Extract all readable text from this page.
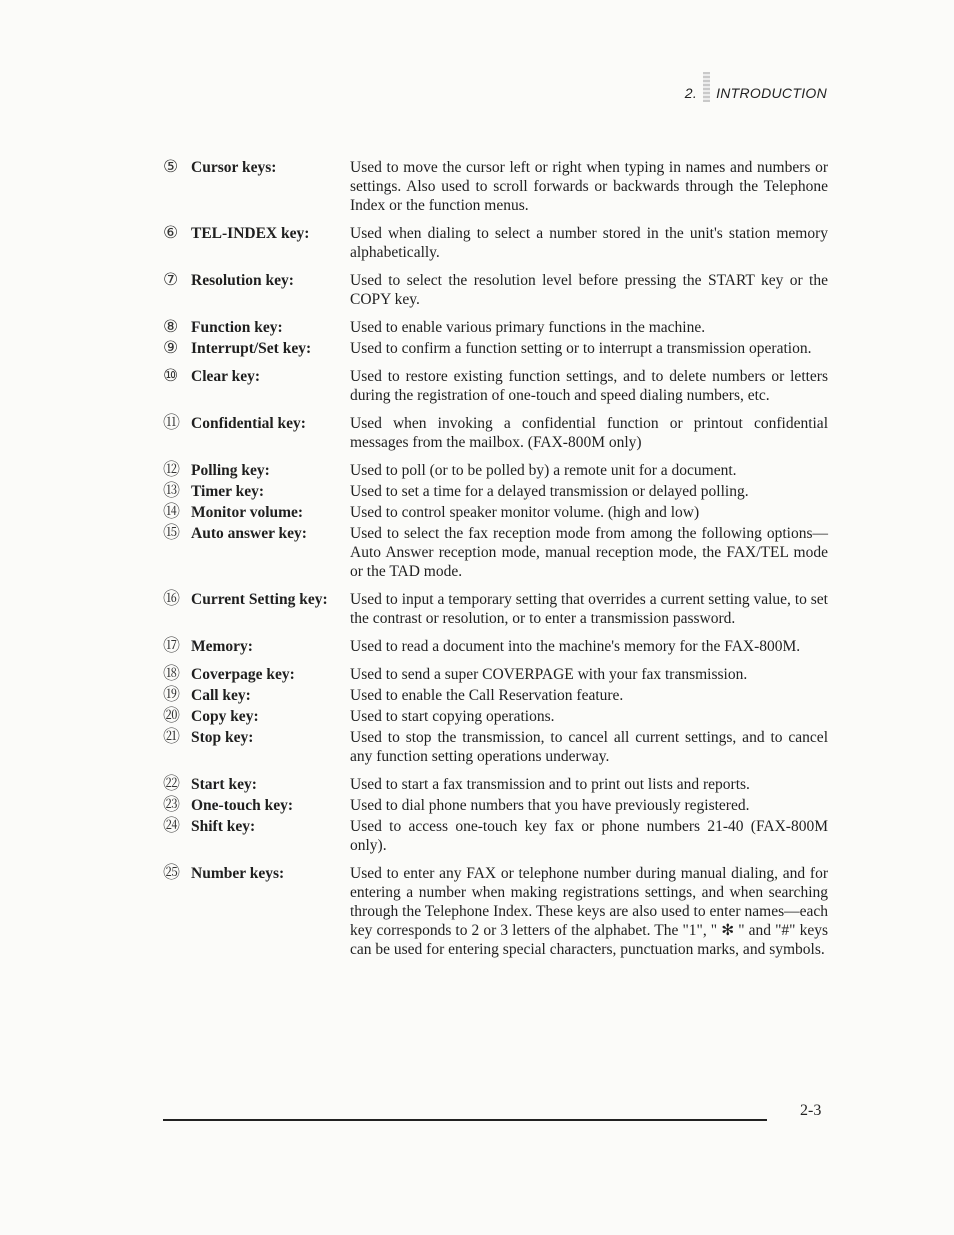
2. INTRODUCTION
⑤ Cursor keys:	Used to move the cursor left or right when typing in names and numbers or settings. Also used to scroll forwards or backwards through the Telephone Index or the function menus.
⑥ TEL-INDEX key:	Used when dialing to select a number stored in the unit's station memory alphabetically.
⑦ Resolution key:	Used to select the resolution level before pressing the START key or the COPY key.
⑧ Function key:	Used to enable various primary functions in the machine.
⑨ Interrupt/Set key:	Used to confirm a function setting or to interrupt a transmission operation.
⑩ Clear key:	Used to restore existing function settings, and to delete numbers or letters during the registration of one-touch and speed dialing numbers, etc.
⑪ Confidential key:	Used when invoking a confidential function or printout confidential messages from the mailbox. (FAX-800M only)
⑫ Polling key:	Used to poll (or to be polled by) a remote unit for a document.
⑬ Timer key:	Used to set a time for a delayed transmission or delayed polling.
⑭ Monitor volume:	Used to control speaker monitor volume. (high and low)
⑮ Auto answer key:	Used to select the fax reception mode from among the following options—Auto Answer reception mode, manual reception mode, the FAX/TEL mode or the TAD mode.
⑯ Current Setting key:	Used to input a temporary setting that overrides a current setting value, to set the contrast or resolution, or to enter a transmission password.
⑰ Memory:	Used to read a document into the machine's memory for the FAX-800M.
⑱ Coverpage key:	Used to send a super COVERPAGE with your fax transmission.
⑲ Call key:	Used to enable the Call Reservation feature.
⑳ Copy key:	Used to start copying operations.
㉑ Stop key:	Used to stop the transmission, to cancel all current settings, and to cancel any function setting operations underway.
㉒ Start key:	Used to start a fax transmission and to print out lists and reports.
㉓ One-touch key:	Used to dial phone numbers that you have previously registered.
㉔ Shift key:	Used to access one-touch key fax or phone numbers 21-40 (FAX-800M only).
㉕ Number keys:	Used to enter any FAX or telephone number during manual dialing, and for entering a number when making registrations settings, and when searching through the Telephone Index. These keys are also used to enter names—each key corresponds to 2 or 3 letters of the alphabet. The "1", " ✻ " and "#" keys can be used for entering special characters, punctuation marks, and symbols.
2-3
